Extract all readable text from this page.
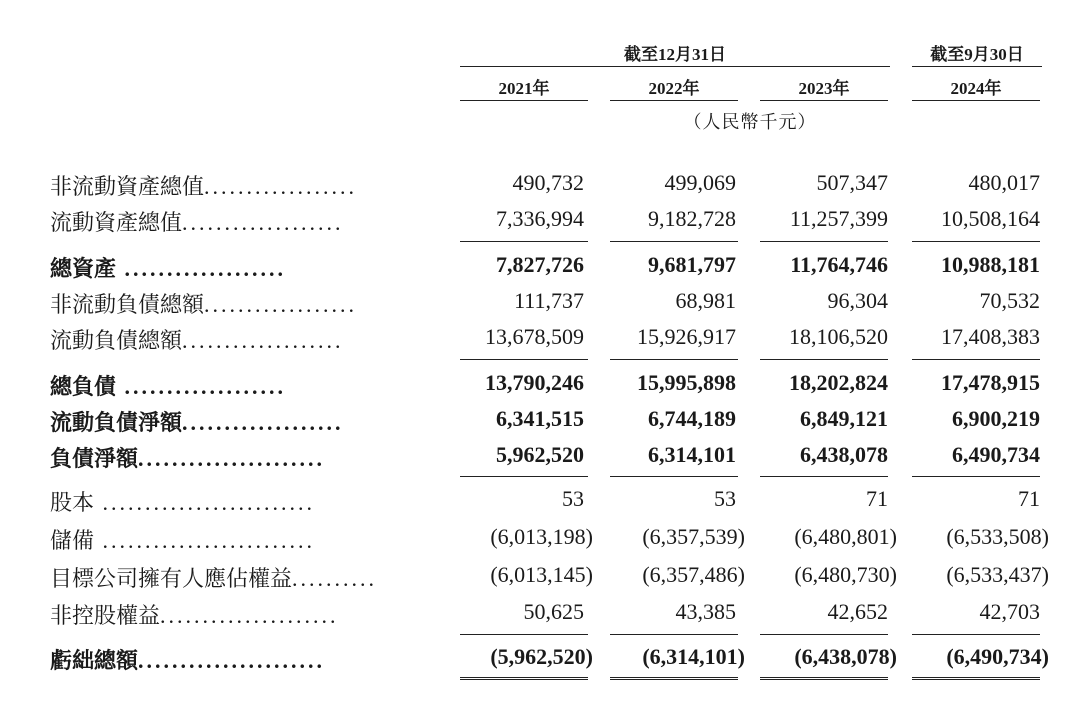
截至12月31日	截至9月30日
2021年	2022年	2023年	2024年
（人民幣千元）
非流動資產總值..................	490,732	499,069	507,347	480,017
流動資產總值...................	7,336,994	9,182,728	11,257,399	10,508,164
總資產 ...................	7,827,726	9,681,797	11,764,746	10,988,181
非流動負債總額..................	111,737	68,981	96,304	70,532
流動負債總額...................	13,678,509	15,926,917	18,106,520	17,408,383
總負債 ...................	13,790,246	15,995,898	18,202,824	17,478,915
流動負債淨額...................	6,341,515	6,744,189	6,849,121	6,900,219
負債淨額......................	5,962,520	6,314,101	6,438,078	6,490,734
股本 .........................	53	53	71	71
儲備 .........................	(6,013,198)	(6,357,539)	(6,480,801)	(6,533,508)
目標公司擁有人應佔權益..........	(6,013,145)	(6,357,486)	(6,480,730)	(6,533,437)
非控股權益.....................	50,625	43,385	42,652	42,703
虧絀總額......................	(5,962,520)	(6,314,101)	(6,438,078)	(6,490,734)
